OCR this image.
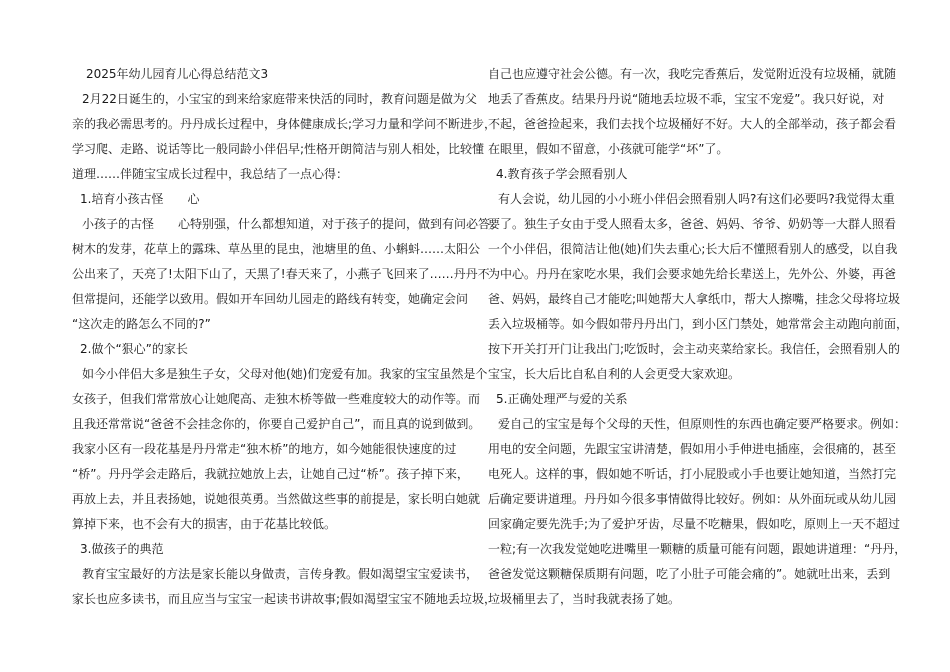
2025年幼儿园育儿心得总结范文3
2月22日诞生的，小宝宝的到来给家庭带来快活的同时，教育问题是做为父
亲的我必需思考的。丹丹成长过程中，身体健康成长;学习力量和学问不断进步，
学习爬、走路、说话等比一般同龄小伴侣早;性格开朗简洁与别人相处，比较懂
道理……伴随宝宝成长过程中，我总结了一点心得：
1.培育小孩古怪　　心
小孩子的古怪　　心特别强，什么都想知道，对于孩子的提问，做到有问必答。
树木的发芽，花草上的露珠、草丛里的昆虫，池塘里的鱼、小蝌蚪……太阳公
公出来了，天亮了!太阳下山了，天黑了!春天来了，小燕子飞回来了……丹丹不
但常提问，还能学以致用。假如开车回幼儿园走的路线有转变，她确定会问
“这次走的路怎么不同的?”
2.做个“狠心”的家长
如今小伴侣大多是独生子女，父母对他(她)们宠爱有加。我家的宝宝虽然是个
女孩子，但我们常常放心让她爬高、走独木桥等做一些难度较大的动作等。而
且我还常常说“爸爸不会挂念你的，你要自己爱护自己”，而且真的说到做到。
我家小区有一段花基是丹丹常走“独木桥”的地方，如今她能很快速度的过
“桥”。丹丹学会走路后，我就拉她放上去，让她自己过“桥”。孩子掉下来，
再放上去，并且表扬她，说她很英勇。当然做这些事的前提是，家长明白她就
算掉下来，也不会有大的损害，由于花基比较低。
3.做孩子的典范
教育宝宝最好的方法是家长能以身做责，言传身教。假如渴望宝宝爱读书，
家长也应多读书，而且应当与宝宝一起读书讲故事;假如渴望宝宝不随地丢垃圾，
自己也应遵守社会公德。有一次，我吃完香蕉后，发觉附近没有垃圾桶，就随
地丢了香蕉皮。结果丹丹说“随地丢垃圾不乖，宝宝不宠爱”。我只好说，对
不起，爸爸捡起来，我们去找个垃圾桶好不好。大人的全部举动，孩子都会看
在眼里，假如不留意，小孩就可能学“坏”了。
4.教育孩子学会照看别人
有人会说，幼儿园的小小班小伴侣会照看别人吗?有这们必要吗?我觉得太重
要了。独生子女由于受人照看太多，爸爸、妈妈、爷爷、奶奶等一大群人照看
一个小伴侣，很简洁让他(她)们失去重心;长大后不懂照看别人的感受，以自我
为中心。丹丹在家吃水果，我们会要求她先给长辈送上，先外公、外婆，再爸
爸、妈妈，最终自己才能吃;叫她帮大人拿纸巾，帮大人擦嘴，挂念父母将垃圾
丢入垃圾桶等。如今假如带丹丹出门，到小区门禁处，她常常会主动跑向前面，
按下开关打开门让我出门;吃饭时，会主动夹菜给家长。我信任，会照看别人的
宝宝，长大后比自私自利的人会更受大家欢迎。
5.正确处理严与爱的关系
爱自己的宝宝是每个父母的天性，但原则性的东西也确定要严格要求。例如：
用电的安全问题，先跟宝宝讲清楚，假如用小手伸进电插座，会很痛的，甚至
电死人。这样的事，假如她不听话，打小屁股或小手也要让她知道，当然打完
后确定要讲道理。丹丹如今很多事情做得比较好。例如：从外面玩或从幼儿园
回家确定要先洗手;为了爱护牙齿，尽量不吃糖果，假如吃，原则上一天不超过
一粒;有一次我发觉她吃进嘴里一颗糖的质量可能有问题，跟她讲道理：“丹丹，
爸爸发觉这颗糖保质期有问题，吃了小肚子可能会痛的”。她就吐出来，丢到
垃圾桶里去了，当时我就表扬了她。
